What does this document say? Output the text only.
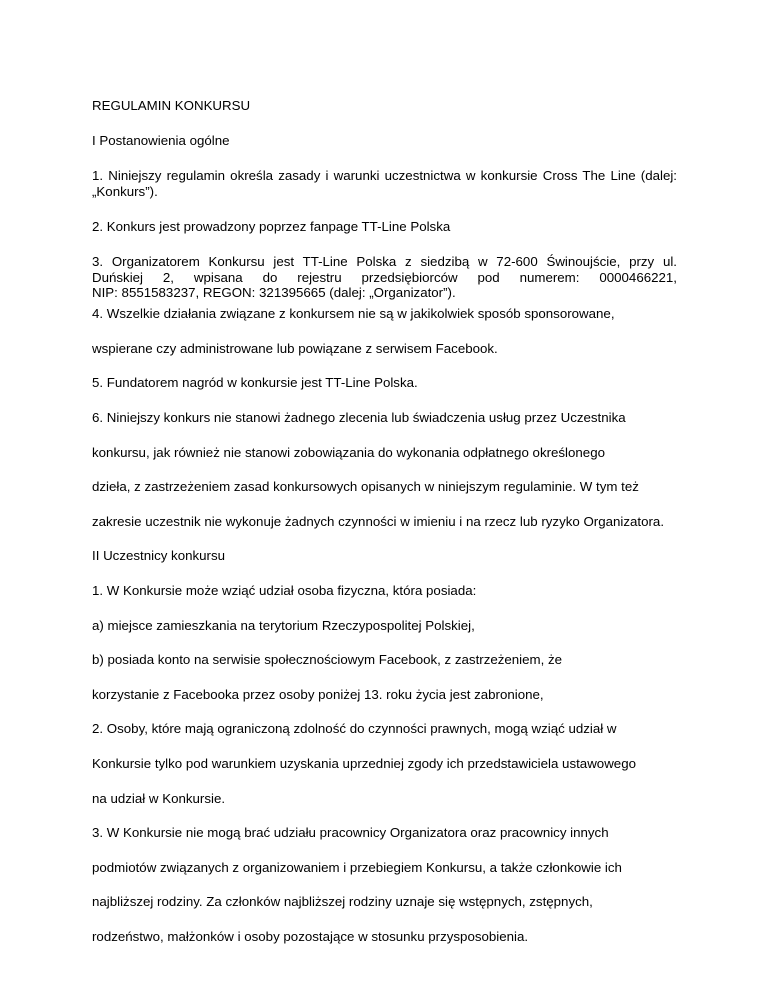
REGULAMIN KONKURSU
I Postanowienia ogólne
1. Niniejszy regulamin określa zasady i warunki uczestnictwa w konkursie Cross The Line (dalej:
„Konkurs”).
2. Konkurs jest prowadzony poprzez fanpage TT-Line Polska
3. Organizatorem Konkursu jest TT-Line Polska z siedzibą w 72-600 Świnoujście, przy ul.
Duńskiej 2, wpisana do rejestru przedsiębiorców pod numerem: 0000466221,
NIP: 8551583237, REGON: 321395665 (dalej: „Organizator”).
4. Wszelkie działania związane z konkursem nie są w jakikolwiek sposób sponsorowane,
wspierane czy administrowane lub powiązane z serwisem Facebook.
5. Fundatorem nagród w konkursie jest TT-Line Polska.
6. Niniejszy konkurs nie stanowi żadnego zlecenia lub świadczenia usług przez Uczestnika
konkursu, jak również nie stanowi zobowiązania do wykonania odpłatnego określonego
dzieła, z zastrzeżeniem zasad konkursowych opisanych w niniejszym regulaminie. W tym też
zakresie uczestnik nie wykonuje żadnych czynności w imieniu i na rzecz lub ryzyko Organizatora.
II Uczestnicy konkursu
1. W Konkursie może wziąć udział osoba fizyczna, która posiada:
a) miejsce zamieszkania na terytorium Rzeczypospolitej Polskiej,
b) posiada konto na serwisie społecznościowym Facebook, z zastrzeżeniem, że
korzystanie z Facebooka przez osoby poniżej 13. roku życia jest zabronione,
2. Osoby, które mają ograniczoną zdolność do czynności prawnych, mogą wziąć udział w
Konkursie tylko pod warunkiem uzyskania uprzedniej zgody ich przedstawiciela ustawowego
na udział w Konkursie.
3. W Konkursie nie mogą brać udziału pracownicy Organizatora oraz pracownicy innych
podmiotów związanych z organizowaniem i przebiegiem Konkursu, a także członkowie ich
najbliższej rodziny. Za członków najbliższej rodziny uznaje się wstępnych, zstępnych,
rodzeństwo, małżonków i osoby pozostające w stosunku przysposobienia.
